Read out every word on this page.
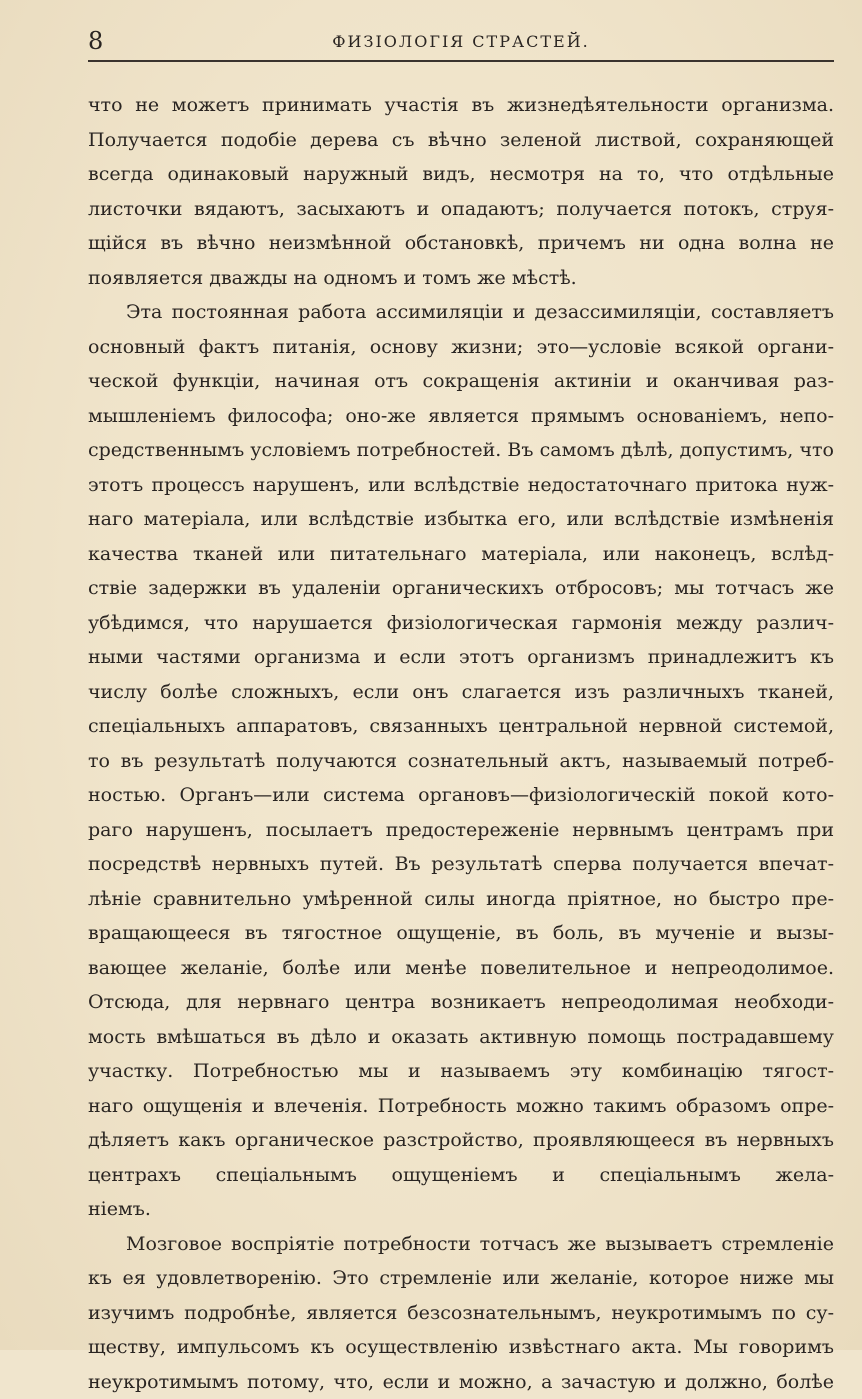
8	ФИЗІОЛОГІЯ СТРАСТЕЙ.
что не можетъ принимать участія въ жизнедѣятельности организма.
Получается подобіе дерева съ вѣчно зеленой листвой, сохраняющей
всегда одинаковый наружный видъ, несмотря на то, что отдѣльные
листочки вядаютъ, засыхаютъ и опадаютъ; получается потокъ, струя-
щійся въ вѣчно неизмѣнной обстановкѣ, причемъ ни одна волна не
появляется дважды на одномъ и томъ же мѣстѣ.
Эта постоянная работа ассимиляціи и дезассимиляціи, составляетъ
основный фактъ питанія, основу жизни; это—условіе всякой органи-
ческой функціи, начиная отъ сокращенія актиніи и оканчивая раз-
мышленіемъ философа; оно-же является прямымъ основаніемъ, непо-
средственнымъ условіемъ потребностей. Въ самомъ дѣлѣ, допустимъ, что
этотъ процессъ нарушенъ, или вслѣдствіе недостаточнаго притока нуж-
наго матеріала, или вслѣдствіе избытка его, или вслѣдствіе измѣненія
качества тканей или питательнаго матеріала, или наконецъ, вслѣд-
ствіе задержки въ удаленіи органическихъ отбросовъ; мы тотчасъ же
убѣдимся, что нарушается физіологическая гармонія между различ-
ными частями организма и если этотъ организмъ принадлежитъ къ
числу болѣе сложныхъ, если онъ слагается изъ различныхъ тканей,
спеціальныхъ аппаратовъ, связанныхъ центральной нервной системой,
то въ результатѣ получаются сознательный актъ, называемый потреб-
ностью. Органъ—или система органовъ—физіологическій покой кото-
раго нарушенъ, посылаетъ предостереженіе нервнымъ центрамъ при
посредствѣ нервныхъ путей. Въ результатѣ сперва получается впечат-
лѣніе сравнительно умѣренной силы иногда пріятное, но быстро пре-
вращающееся въ тягостное ощущеніе, въ боль, въ мученіе и вызы-
вающее желаніе, болѣе или менѣе повелительное и непреодолимое.
Отсюда, для нервнаго центра возникаетъ непреодолимая необходи-
мость вмѣшаться въ дѣло и оказать активную помощь пострадавшему
участку. Потребностью мы и называемъ эту комбинацію тягост-
наго ощущенія и влеченія. Потребность можно такимъ образомъ опре-
дѣляетъ какъ органическое разстройство, проявляющееся въ нервныхъ
центрахъ спеціальнымъ ощущеніемъ и спеціальнымъ жела-
ніемъ.
Мозговое воспріятіе потребности тотчасъ же вызываетъ стремленіе
къ ея удовлетворенію. Это стремленіе или желаніе, которое ниже мы
изучимъ подробнѣе, является безсознательнымъ, неукротимымъ по су-
ществу, импульсомъ къ осуществленію извѣстнаго акта. Мы говоримъ
неукротимымъ потому, что, если и можно, а зачастую и должно, болѣе
